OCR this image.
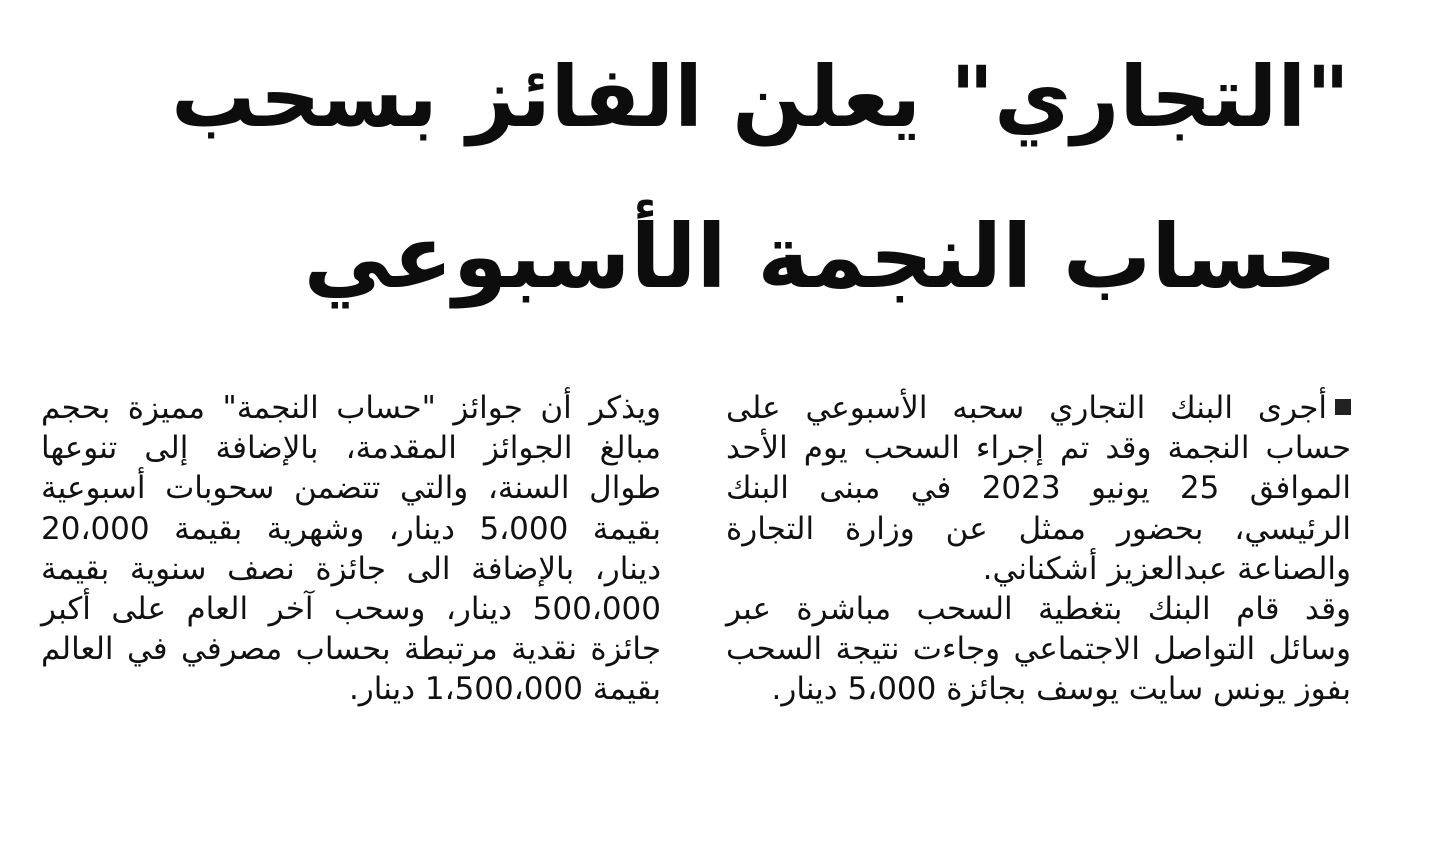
"التجاري" يعلن الفائز بسحب
حساب النجمة الأسبوعي
أجرى البنك التجاري سحبه الأسبوعي على
حساب النجمة وقد تم إجراء السحب يوم الأحد
الموافق 25 يونيو 2023 في مبنى البنك
الرئيسي، بحضور ممثل عن وزارة التجارة
والصناعة عبدالعزيز أشكناني.
وقد قام البنك بتغطية السحب مباشرة عبر
وسائل التواصل الاجتماعي وجاءت نتيجة السحب
بفوز يونس سايت يوسف بجائزة 5،000 دينار.
ويذكر أن جوائز "حساب النجمة" مميزة بحجم
مبالغ الجوائز المقدمة، بالإضافة إلى تنوعها
طوال السنة، والتي تتضمن سحوبات أسبوعية
بقيمة 5،000 دينار، وشهرية بقيمة 20،000
دينار، بالإضافة الى جائزة نصف سنوية بقيمة
500،000 دينار، وسحب آخر العام على أكبر
جائزة نقدية مرتبطة بحساب مصرفي في العالم
بقيمة 1،500،000 دينار.
